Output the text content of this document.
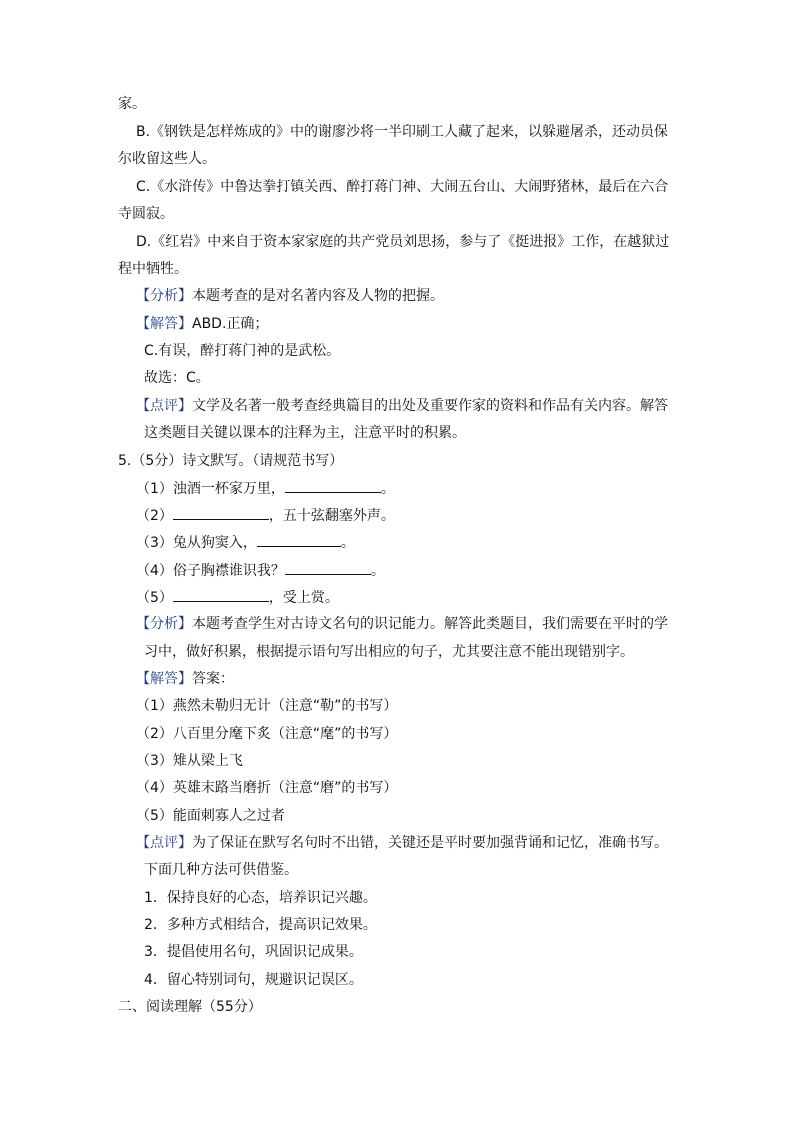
家。
B.《钢铁是怎样炼成的》中的谢廖沙将一半印刷工人藏了起来，以躲避屠杀，还动员保
尔收留这些人。
C.《水浒传》中鲁达拳打镇关西、醉打蒋门神、大闹五台山、大闹野猪林，最后在六合
寺圆寂。
D.《红岩》中来自于资本家家庭的共产党员刘思扬，参与了《挺进报》工作，在越狱过
程中牺牲。
【分析】本题考查的是对名著内容及人物的把握。
【解答】ABD.正确；
C.有误，醉打蒋门神的是武松。
故选：C。
【点评】文学及名著一般考查经典篇目的出处及重要作家的资料和作品有关内容。解答
这类题目关键以课本的注释为主，注意平时的积累。
5.（5分）诗文默写。（请规范书写）
（1）浊酒一杯家万里，	。
（2）	，五十弦翻塞外声。
（3）兔从狗窦入，	。
（4）俗子胸襟谁识我？	。
（5）	，受上赏。
【分析】本题考查学生对古诗文名句的识记能力。解答此类题目，我们需要在平时的学
习中，做好积累，根据提示语句写出相应的句子，尤其要注意不能出现错别字。
【解答】答案：
（1）燕然未勒归无计（注意“勒”的书写）
（2）八百里分麾下炙（注意“麾”的书写）
（3）雉从梁上飞
（4）英雄末路当磨折（注意“磨”的书写）
（5）能面刺寡人之过者
【点评】为了保证在默写名句时不出错，关键还是平时要加强背诵和记忆，准确书写。
下面几种方法可供借鉴。
1．保持良好的心态，培养识记兴趣。
2．多种方式相结合，提高识记效果。
3．提倡使用名句，巩固识记成果。
4．留心特别词句，规避识记误区。
二、阅读理解（55分）
